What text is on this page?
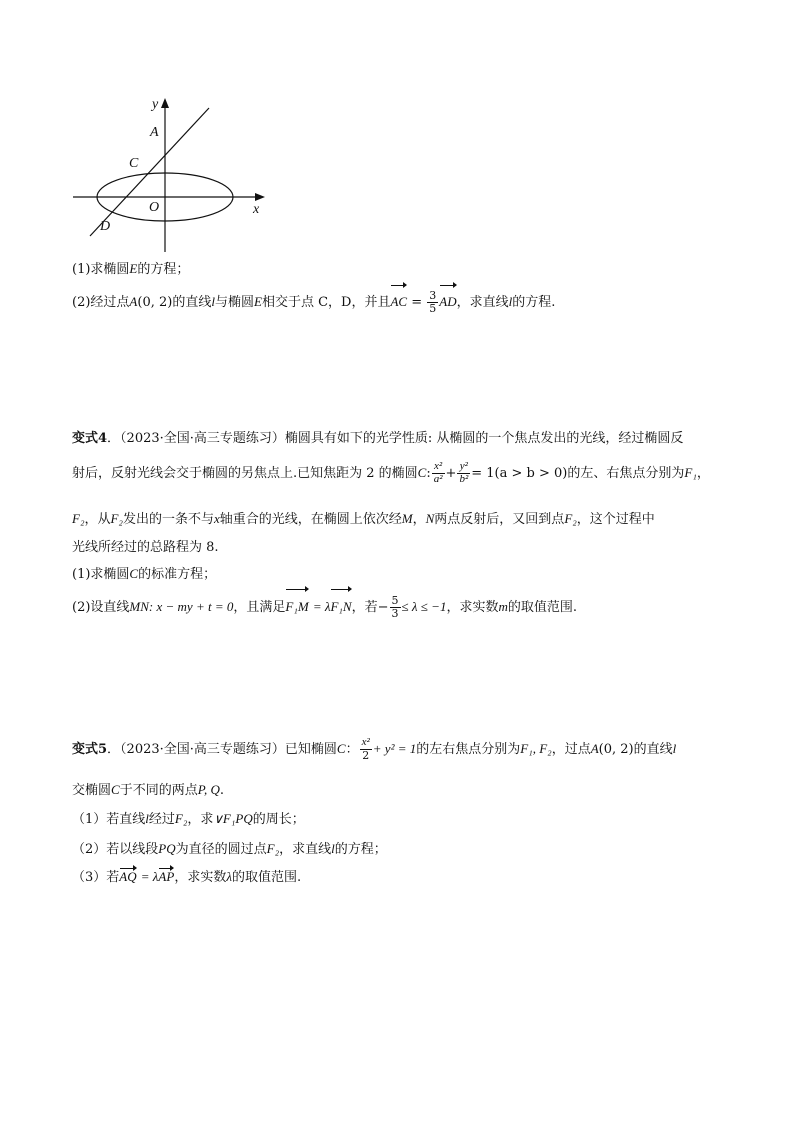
y
A
C
O	x
D
(1)求椭圆E的方程；
(2)经过点A(0, 2)的直线l与椭圆E相交于点 C，D，并且AC = $\frac{3}{5}$ AD，求直线l的方程.
变式4．（2023·全国·高三专题练习）椭圆具有如下的光学性质: 从椭圆的一个焦点发出的光线，经过椭圆反
射后，反射光线会交于椭圆的另焦点上.已知焦距为 2 的椭圆C: $\frac{\text{x²}}{\text{a²}} + \frac{\text{y²}}{\text{b²}} = 1(a > b > 0)$的左、右焦点分别为F₁，
F₂，从F₂发出的一条不与x轴重合的光线，在椭圆上依次经M，N两点反射后，又回到点F₂，这个过程中
光线所经过的总路程为 8.
(1)求椭圆C的标准方程；
(2)设直线MN: x − my + t = 0，且满足F₁M = λF₁N，若− $\frac{5}{3} \le \lambda \le -1$，求实数m的取值范围.
变式5．（2023·全国·高三专题练习）已知椭圆C： $\frac{\text{x²}}{2} + y^2 = 1$的左右焦点分别为F₁, F₂，过点A(0, 2)的直线l
交椭圆C于不同的两点P, Q.
（1）若直线l经过F₂，求∨F₁PQ的周长；
（2）若以线段PQ为直径的圆过点F₂，求直线l的方程；
（3）若AQ = λAP，求实数λ的取值范围.
